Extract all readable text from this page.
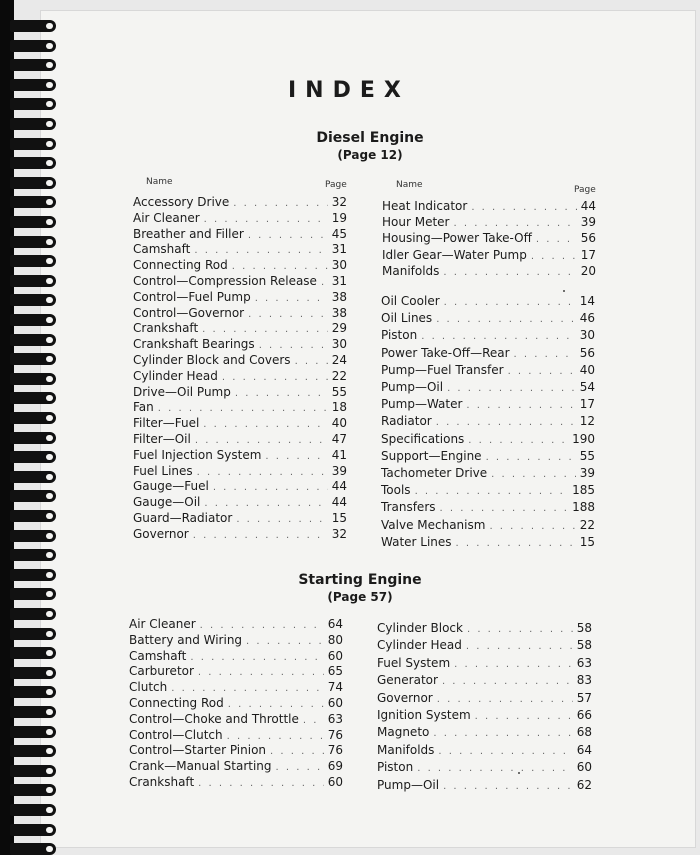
INDEX
Diesel Engine
(Page 12)
Name	Page	Name	Page
Accessory Drive . . .	32
Air Cleaner . . .	19
Breather and Filler . . .	45
Camshaft . . .	31
Connecting Rod . . .	30
Control—Compression Release . . . 31
Control—Fuel Pump . . .	38
Control—Governor . . .	38
Crankshaft . . .	29
Crankshaft Bearings . . .	30
Cylinder Block and Covers . . .	24
Cylinder Head . . .	22
Drive—Oil Pump . . .	55
Fan . . .	18
Filter—Fuel . . .	40
Filter—Oil . . .	47
Fuel Injection System . . .	41
Fuel Lines . . .	39
Gauge—Fuel . . .	44
Gauge—Oil . . .	44
Guard—Radiator . . .	15
Governor . . .	32
Heat Indicator . . .	44
Hour Meter . . .	39
Housing—Power Take-Off . . .	56
Idler Gear—Water Pump . . .	17
Manifolds . . .	20
Oil Cooler . . .	14
Oil Lines . . .	46
Piston . . .	30
Power Take-Off—Rear . . .	56
Pump—Fuel Transfer . . .	40
Pump—Oil . . .	54
Pump—Water . . .	17
Radiator . . .	12
Specifications . . .	190
Support—Engine . . .	55
Tachometer Drive . . .	39
Tools . . .	185
Transfers . . .	188
Valve Mechanism . . .	22
Water Lines . . .	15
Starting Engine
(Page 57)
Air Cleaner . . .	64
Battery and Wiring . . .	80
Camshaft . . .	60
Carburetor . . .	65
Clutch . . .	74
Connecting Rod . . .	60
Control—Choke and Throttle . . . 63
Control—Clutch . . .	76
Control—Starter Pinion . . .	76
Crank—Manual Starting . . .	69
Crankshaft . . .	60
Cylinder Block . . .	58
Cylinder Head . . .	58
Fuel System . . .	63
Generator . . .	83
Governor . . .	57
Ignition System . . .	66
Magneto . . .	68
Manifolds . . .	64
Piston . . .	60
Pump—Oil . . .	62
